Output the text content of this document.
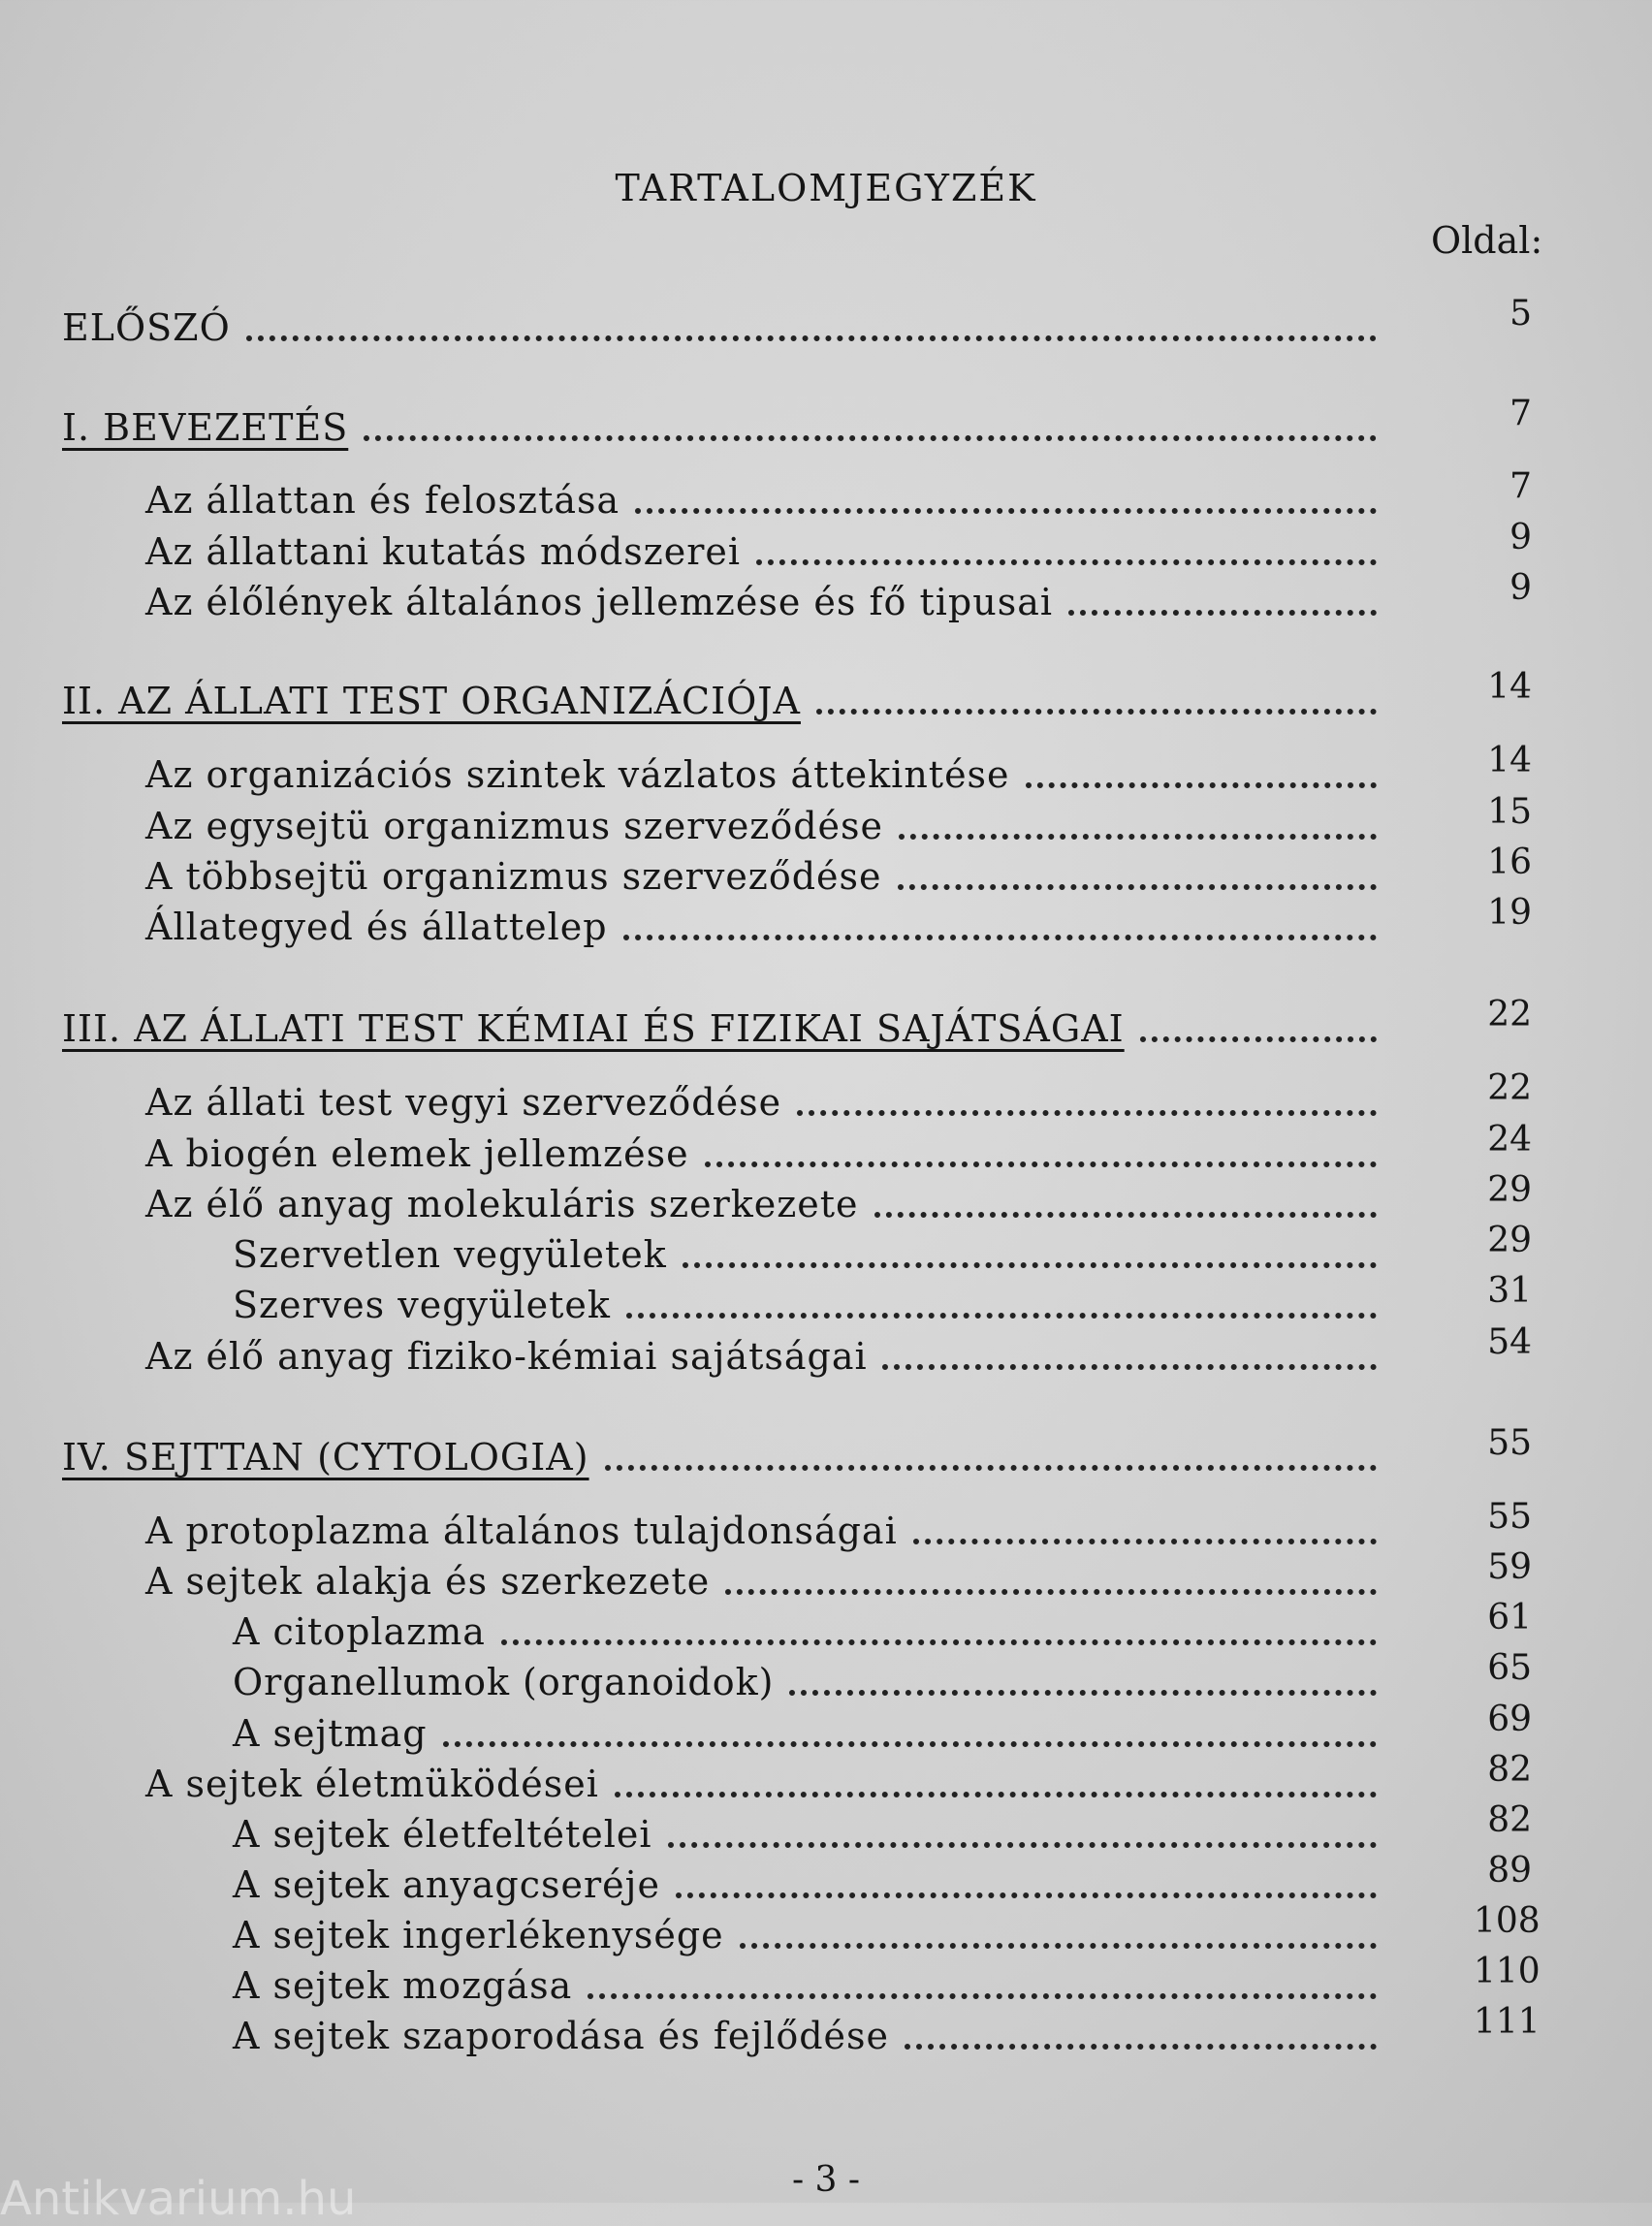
TARTALOMJEGYZÉK
Oldal:
ELŐSZÓ	5
I. BEVEZETÉS	7
Az állattan és felosztása	7
Az állattani kutatás módszerei	9
Az élőlények általános jellemzése és fő tipusai	9
II. AZ ÁLLATI TEST ORGANIZÁCIÓJA	14
Az organizációs szintek vázlatos áttekintése	14
Az egysejtü organizmus szerveződése	15
A többsejtü organizmus szerveződése	16
Állategyed és állattelep	19
III. AZ ÁLLATI TEST KÉMIAI ÉS FIZIKAI SAJÁTSÁGAI	22
Az állati test vegyi szerveződése	22
A biogén elemek jellemzése	24
Az élő anyag molekuláris szerkezete	29
Szervetlen vegyületek	29
Szerves vegyületek	31
Az élő anyag fiziko-kémiai sajátságai	54
IV. SEJTTAN (CYTOLOGIA)	55
A protoplazma általános tulajdonságai	55
A sejtek alakja és szerkezete	59
A citoplazma	61
Organellumok (organoidok)	65
A sejtmag	69
A sejtek életmüködései	82
A sejtek életfeltételei	82
A sejtek anyagcseréje	89
A sejtek ingerlékenysége	108
A sejtek mozgása	110
A sejtek szaporodása és fejlődése	111
- 3 -
Antikvarium.hu
